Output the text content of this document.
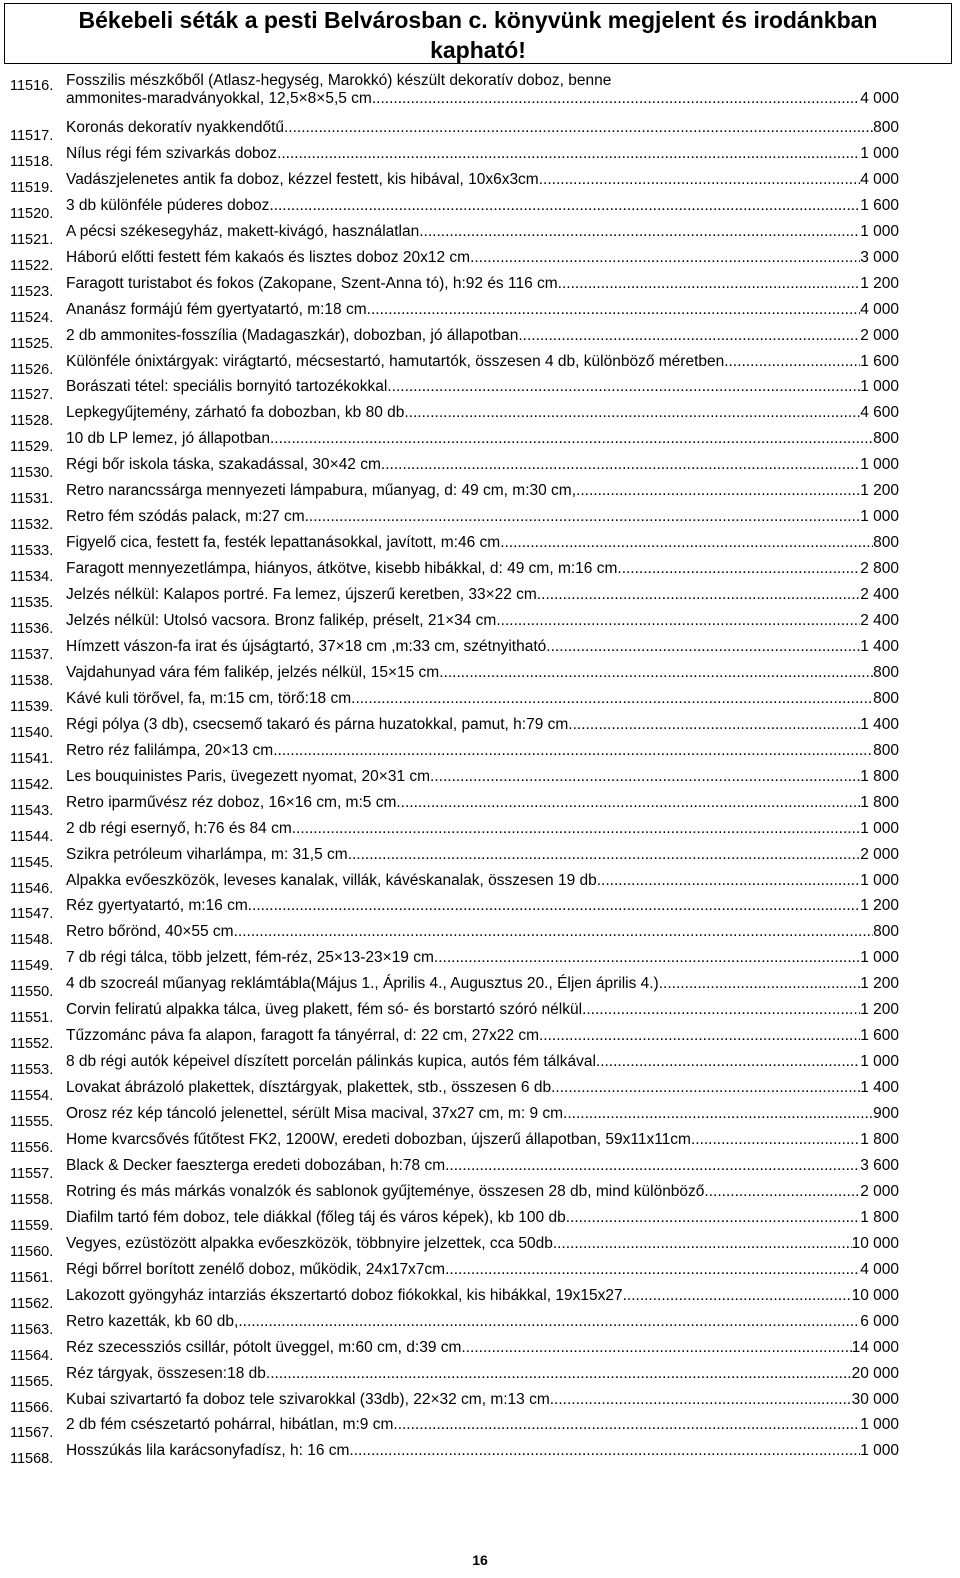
Békebeli séták a pesti Belvárosban c. könyvünk megjelent és irodánkban
kapható!
11516. Fosszilis mészkőből (Atlasz-hegység, Marokkó) készült dekoratív doboz, benne
ammonites-maradványokkal, 12,5×8×5,5 cm .....	4 000
11517. Koronás dekoratív nyakkendőtű .....	800
11518. Nílus régi fém szivarkás doboz .....	1 000
11519. Vadászjelenetes antik fa doboz, kézzel festett, kis hibával, 10x6x3cm .....	4 000
11520. 3 db különféle púderes doboz .....	1 600
11521. A pécsi székesegyház, makett-kivágó, használatlan .....	1 000
11522. Háború előtti festett fém kakaós és lisztes doboz 20x12 cm .....	3 000
11523. Faragott turistabot és fokos (Zakopane, Szent-Anna tó), h:92 és 116 cm .....	1 200
11524. Ananász formájú fém gyertyatartó, m:18 cm .....	4 000
11525. 2 db ammonites-fosszília (Madagaszkár), dobozban, jó állapotban .....	2 000
11526. Különféle ónixtárgyak: virágtartó, mécsestartó, hamutartók, összesen 4 db, különböző méretben .....	1 600
11527. Borászati tétel: speciális bornyitó tartozékokkal .....	1 000
11528. Lepkegyűjtemény, zárható fa dobozban, kb 80 db .....	4 600
11529. 10 db LP lemez, jó állapotban .....	800
11530. Régi bőr iskola táska, szakadással, 30×42 cm .....	1 000
11531. Retro narancssárga mennyezeti lámpabura, műanyag, d: 49 cm, m:30 cm, .....	1 200
11532. Retro fém szódás palack, m:27 cm .....	1 000
11533. Figyelő cica, festett fa, festék lepattanásokkal, javított, m:46 cm .....	800
11534. Faragott mennyezetlámpa, hiányos, átkötve, kisebb hibákkal, d: 49 cm, m:16 cm .....	2 800
11535. Jelzés nélkül: Kalapos portré. Fa lemez, újszerű keretben, 33×22 cm .....	2 400
11536. Jelzés nélkül: Utolsó vacsora. Bronz falikép, préselt, 21×34 cm .....	2 400
11537. Hímzett vászon-fa irat és újságtartó, 37×18 cm ,m:33 cm, szétnyitható .....	1 400
11538. Vajdahunyad vára fém falikép, jelzés nélkül, 15×15 cm .....	800
11539. Kávé kuli törővel, fa, m:15 cm, törő:18 cm .....	800
11540. Régi pólya (3 db), csecsemő takaró és párna huzatokkal, pamut, h:79 cm .....	1 400
11541. Retro réz falilámpa, 20×13 cm .....	800
11542. Les bouquinistes Paris, üvegezett nyomat, 20×31 cm .....	1 800
11543. Retro iparművész réz doboz, 16×16 cm, m:5 cm .....	1 800
11544. 2 db régi esernyő, h:76 és 84 cm .....	1 000
11545. Szikra petróleum viharlámpa, m: 31,5 cm .....	2 000
11546. Alpakka evőeszközök, leveses kanalak, villák, kávéskanalak, összesen 19 db .....	1 000
11547. Réz gyertyatartó, m:16 cm .....	1 200
11548. Retro bőrönd, 40×55 cm .....	800
11549. 7 db régi tálca, több jelzett, fém-réz, 25×13-23×19 cm .....	1 000
11550. 4 db szocreál műanyag reklámtábla(Május 1., Április 4., Augusztus 20., Éljen április 4.) .....	1 200
11551. Corvin feliratú alpakka tálca, üveg plakett, fém só- és borstartó szóró nélkül .....	1 200
11552. Tűzzománc páva fa alapon, faragott fa tányérral, d: 22 cm, 27x22 cm .....	1 600
11553. 8 db régi autók képeivel díszített porcelán pálinkás kupica, autós fém tálkával .....	1 000
11554. Lovakat ábrázoló plakettek, dísztárgyak, plakettek, stb., összesen 6 db .....	1 400
11555. Orosz réz kép táncoló jelenettel, sérült Misa macival, 37x27 cm, m: 9 cm .....	900
11556. Home kvarcsővés fűtőtest FK2, 1200W, eredeti dobozban, újszerű állapotban, 59x11x11cm .....	1 800
11557. Black & Decker faeszterga eredeti dobozában, h:78 cm .....	3 600
11558. Rotring és más márkás vonalzók és sablonok gyűjteménye, összesen 28 db, mind különböző .....	2 000
11559. Diafilm tartó fém doboz, tele diákkal (főleg táj és város képek), kb 100 db .....	1 800
11560. Vegyes, ezüstözött alpakka evőeszközök, többnyire jelzettek, cca 50db .....	10 000
11561. Régi bőrrel borított zenélő doboz, működik, 24x17x7cm .....	4 000
11562. Lakozott gyöngyház intarziás ékszertartó doboz fiókokkal, kis hibákkal, 19x15x27 .....	10 000
11563. Retro kazetták, kb 60 db, .....	6 000
11564. Réz szecessziós csillár, pótolt üveggel, m:60 cm, d:39 cm .....	14 000
11565. Réz tárgyak, összesen:18 db .....	20 000
11566. Kubai szivartartó fa doboz tele szivarokkal (33db), 22×32 cm, m:13 cm .....	30 000
11567. 2 db fém csészetartó pohárral, hibátlan, m:9 cm .....	1 000
11568. Hosszúkás lila karácsonyfadísz, h: 16 cm .....	1 000
16
